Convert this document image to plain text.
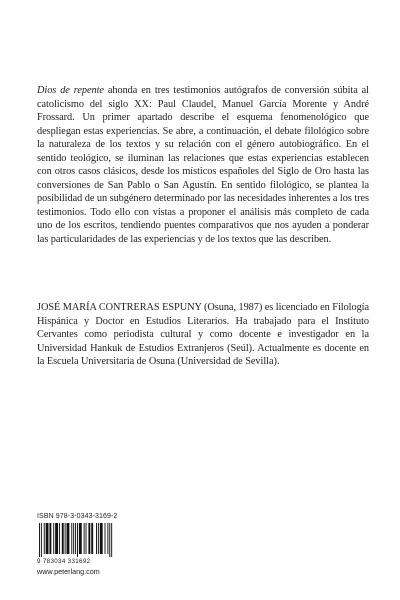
Dios de repente ahonda en tres testimonios autógrafos de conversión súbita al catolicismo del siglo XX: Paul Claudel, Manuel García Morente y André Frossard. Un primer apartado describe el esquema fenomenológico que despliegan estas experiencias. Se abre, a continuación, el debate filológico sobre la naturaleza de los textos y su relación con el género autobiográfico. En el sentido teológico, se iluminan las relaciones que estas experiencias establecen con otros casos clásicos, desde los místicos españoles del Siglo de Oro hasta las conversiones de San Pablo o San Agustín. En sentido filológico, se plantea la posibilidad de un subgénero determinado por las necesidades inherentes a los tres testimonios. Todo ello con vistas a proponer el análisis más completo de cada uno de los escritos, tendiendo puentes comparativos que nos ayuden a ponderar las particularidades de las experiencias y de los textos que las describen.

JOSÉ MARÍA CONTRERAS ESPUNY (Osuna, 1987) es licenciado en Filología Hispánica y Doctor en Estudios Literarios. Ha trabajado para el Instituto Cervantes como periodista cultural y como docente e investigador en la Universidad Hankuk de Estudios Extranjeros (Seúl). Actualmente es docente en la Escuela Universitaria de Osuna (Universidad de Sevilla).

ISBN 978-3-0343-3169-2
9 783034 331692
www.peterlang.com
